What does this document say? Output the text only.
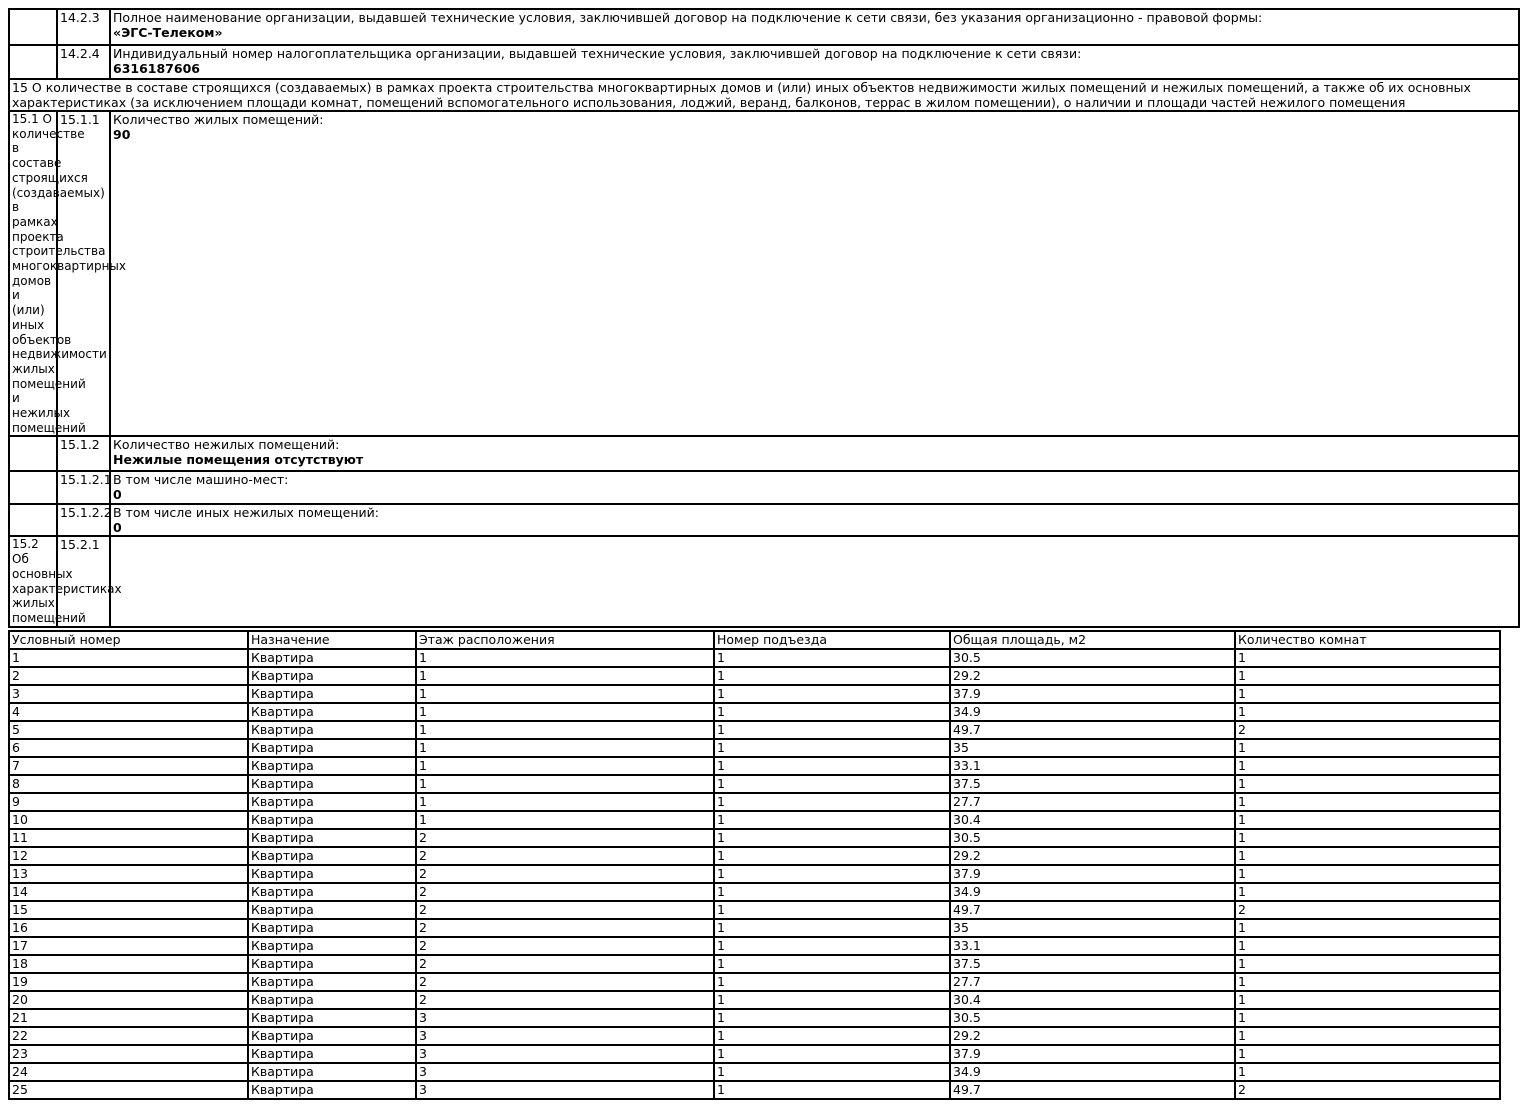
	14.2.3	Полное наименование организации, выдавшей технические условия, заключившей договор на подключение к сети связи, без указания организационно - правовой формы:
«ЭГС-Телеком»

	14.2.4	Индивидуальный номер налогоплательщика организации, выдавшей технические условия, заключившей договор на подключение к сети связи:
6316187606

15 О количестве в составе строящихся (создаваемых) в рамках проекта строительства многоквартирных домов и (или) иных объектов недвижимости жилых помещений и нежилых помещений, а также об их основных характеристиках (за исключением площади комнат, помещений вспомогательного использования, лоджий, веранд, балконов, террас в жилом помещении), о наличии и площади частей нежилого помещения		
15.1 О количестве в составе строящихся (создаваемых) в рамках проекта строительства многоквартирных домов и (или) иных объектов недвижимости жилых помещений и нежилых помещений	15.1.1	Количество жилых помещений:
90

	15.1.2	Количество нежилых помещений:
Нежилые помещения отсутствуют

	15.1.2.1	В том числе машино-мест:
0

	15.1.2.2	В том числе иных нежилых помещений:
0

15.2 Об основных характеристиках жилых помещений	15.2.1	
Условный номер	Назначение	Этаж расположения	Номер подъезда	Общая площадь, м2	Количество комнат
1	Квартира	1	1	30.5	1
2	Квартира	1	1	29.2	1
3	Квартира	1	1	37.9	1
4	Квартира	1	1	34.9	1
5	Квартира	1	1	49.7	2
6	Квартира	1	1	35	1
7	Квартира	1	1	33.1	1
8	Квартира	1	1	37.5	1
9	Квартира	1	1	27.7	1
10	Квартира	1	1	30.4	1
11	Квартира	2	1	30.5	1
12	Квартира	2	1	29.2	1
13	Квартира	2	1	37.9	1
14	Квартира	2	1	34.9	1
15	Квартира	2	1	49.7	2
16	Квартира	2	1	35	1
17	Квартира	2	1	33.1	1
18	Квартира	2	1	37.5	1
19	Квартира	2	1	27.7	1
20	Квартира	2	1	30.4	1
21	Квартира	3	1	30.5	1
22	Квартира	3	1	29.2	1
23	Квартира	3	1	37.9	1
24	Квартира	3	1	34.9	1
25	Квартира	3	1	49.7	2
